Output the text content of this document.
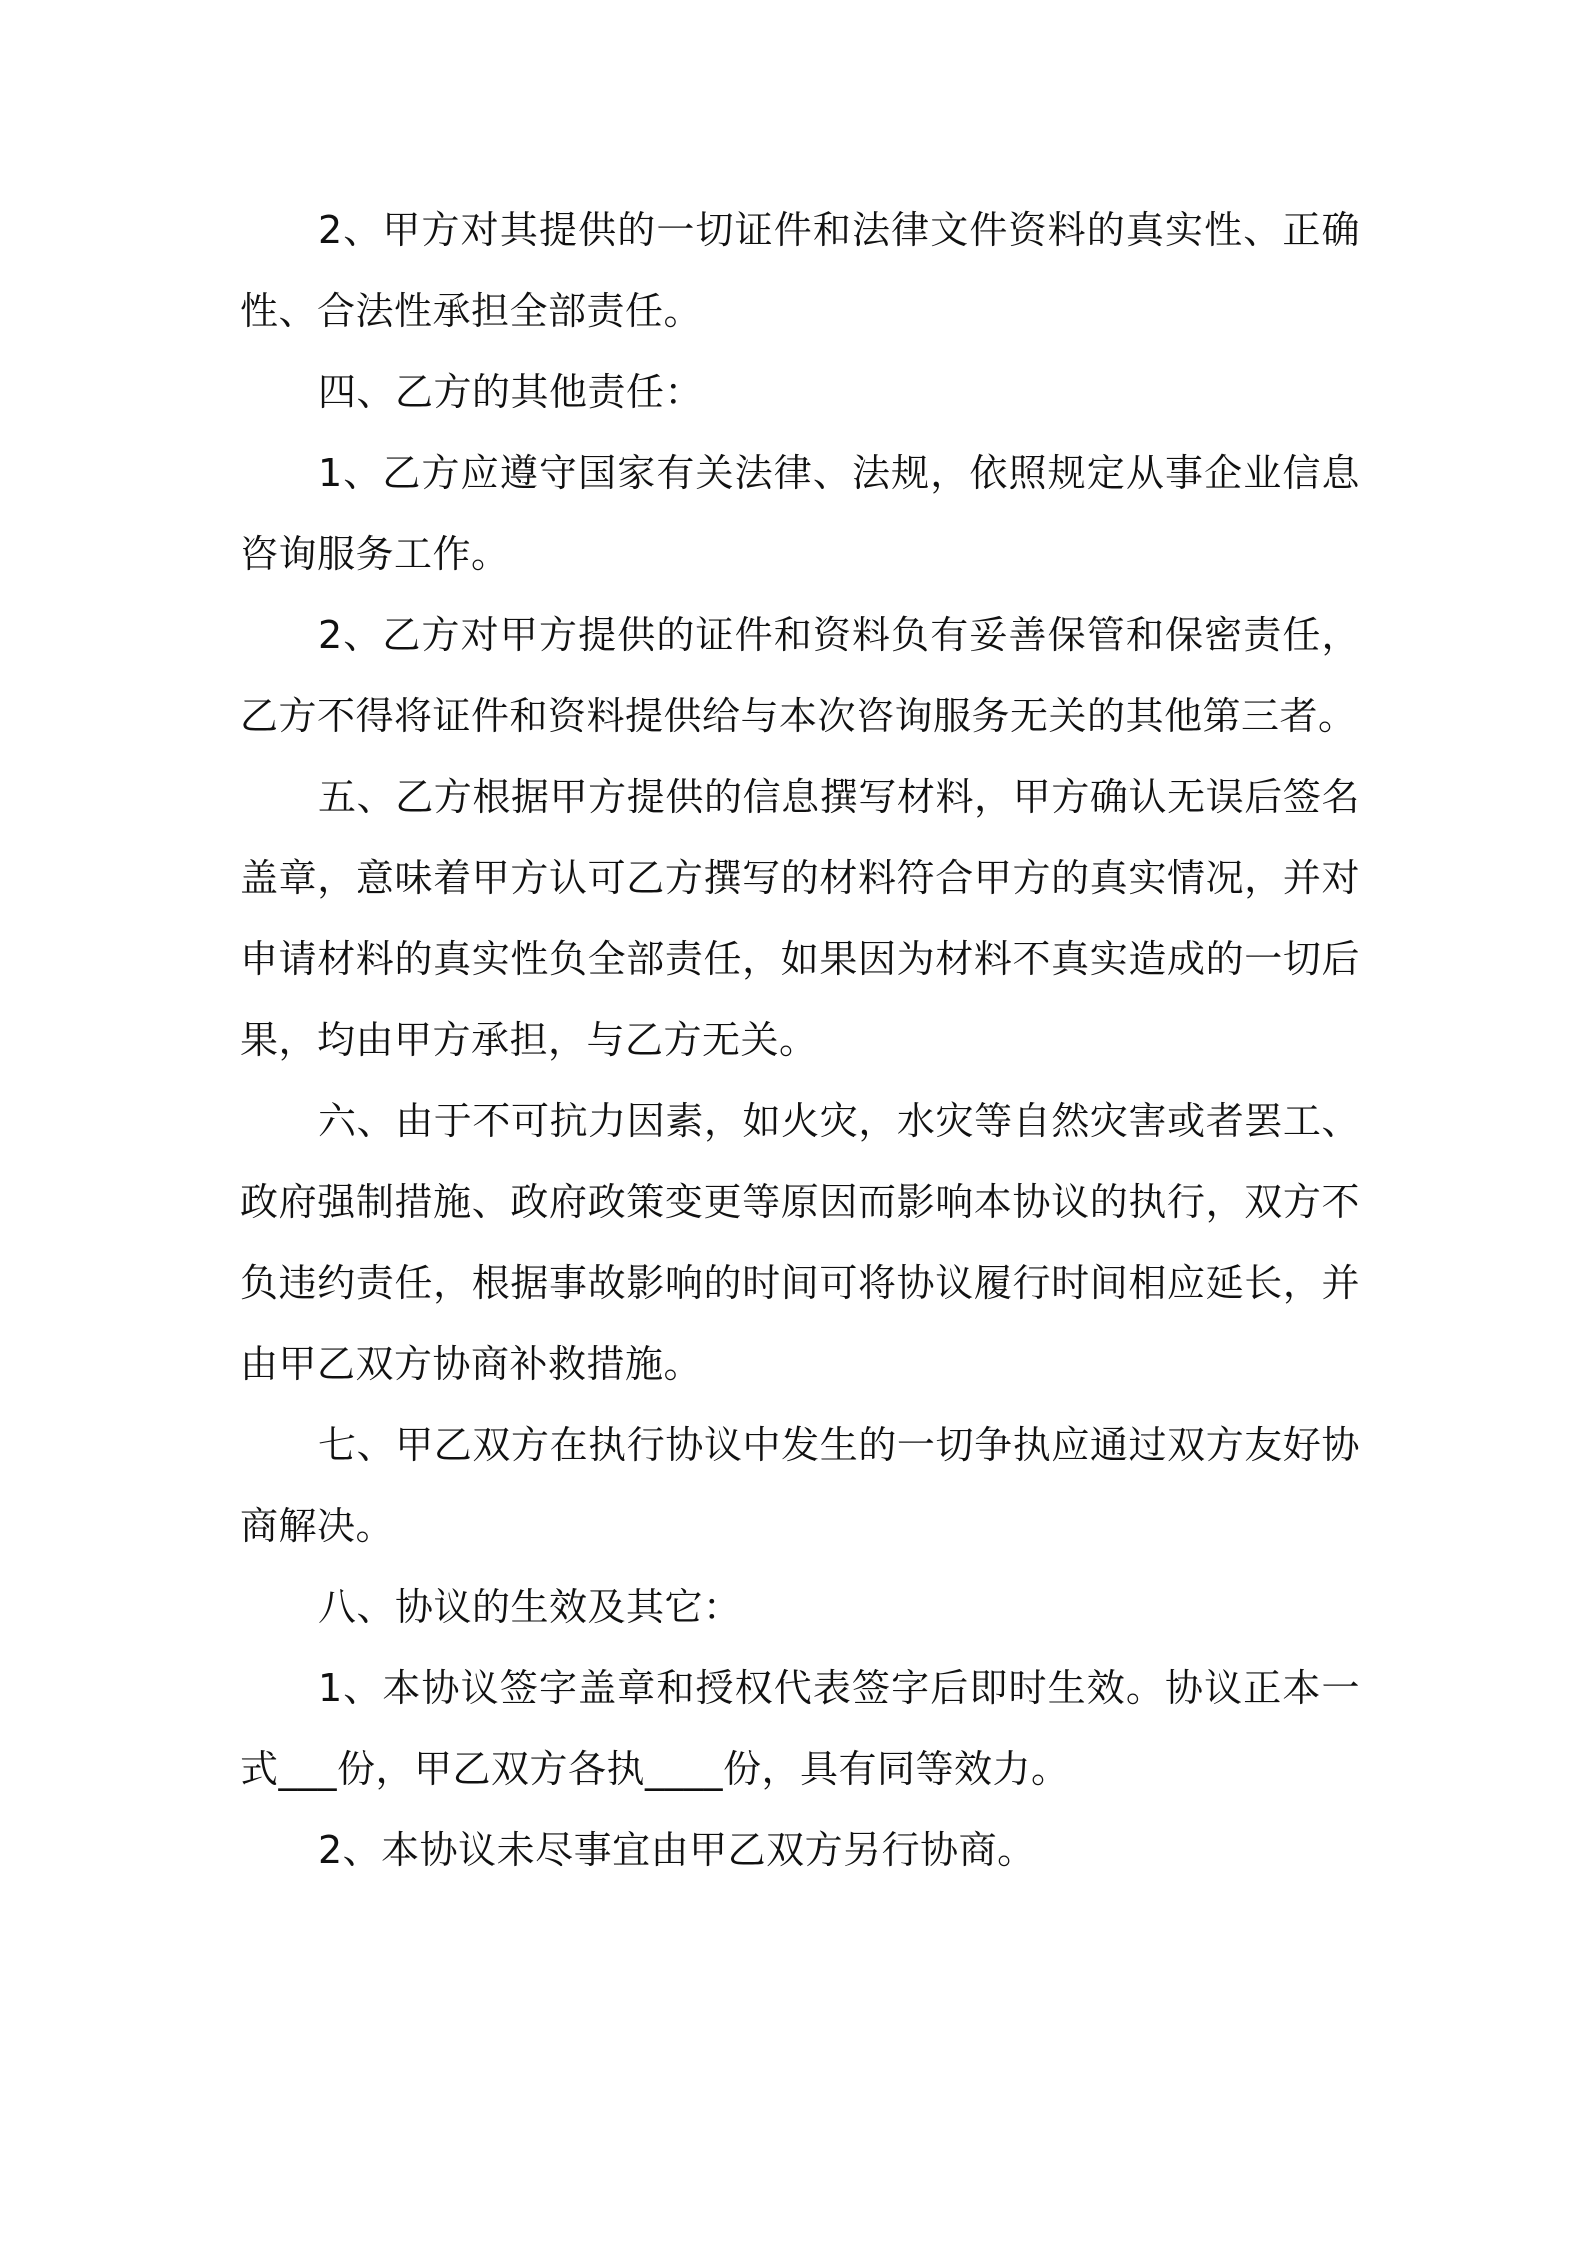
2、甲方对其提供的一切证件和法律文件资料的真实性、正确性、合法性承担全部责任。

四、乙方的其他责任：

1、乙方应遵守国家有关法律、法规，依照规定从事企业信息咨询服务工作。

2、乙方对甲方提供的证件和资料负有妥善保管和保密责任，乙方不得将证件和资料提供给与本次咨询服务无关的其他第三者。

五、乙方根据甲方提供的信息撰写材料，甲方确认无误后签名盖章，意味着甲方认可乙方撰写的材料符合甲方的真实情况，并对申请材料的真实性负全部责任，如果因为材料不真实造成的一切后果，均由甲方承担，与乙方无关。

六、由于不可抗力因素，如火灾，水灾等自然灾害或者罢工、政府强制措施、政府政策变更等原因而影响本协议的执行，双方不负违约责任，根据事故影响的时间可将协议履行时间相应延长，并由甲乙双方协商补救措施。

七、甲乙双方在执行协议中发生的一切争执应通过双方友好协商解决。

八、协议的生效及其它：

1、本协议签字盖章和授权代表签字后即时生效。协议正本一式___份，甲乙双方各执____份，具有同等效力。

2、本协议未尽事宜由甲乙双方另行协商。
